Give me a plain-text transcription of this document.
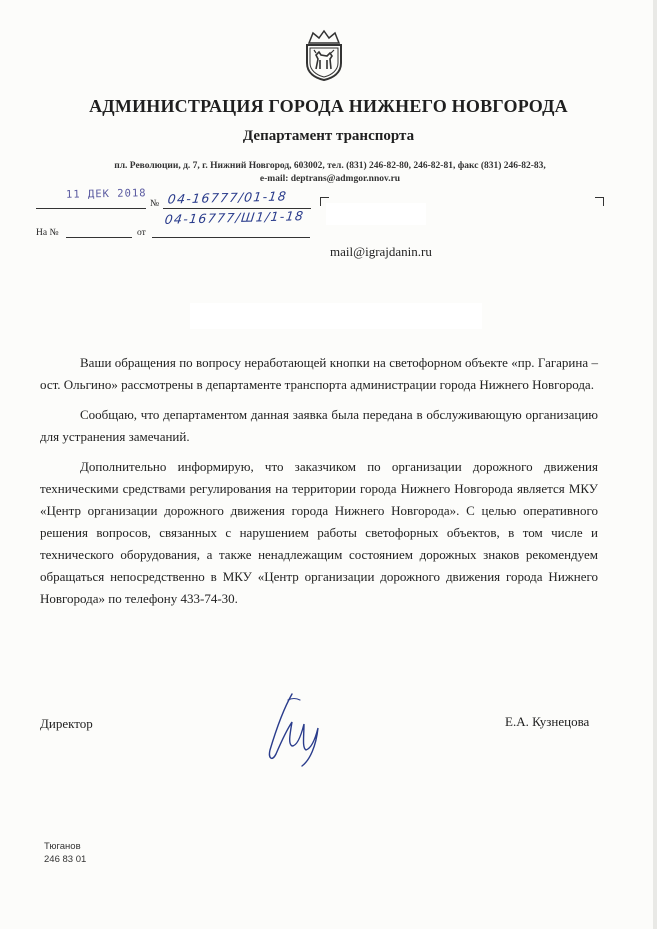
АДМИНИСТРАЦИЯ ГОРОДА НИЖНЕГО НОВГОРОДА
Департамент транспорта
пл. Революции, д. 7, г. Нижний Новгород, 603002, тел. (831) 246-82-80, 246-82-81, факс (831) 246-82-83,
e-mail: deptrans@admgor.nnov.ru
11 ДЕК 2018
№ 04-16777/01-18
04-16777/Ш1/1-18
На №	от
mail@igrajdanin.ru

Ваши обращения по вопросу неработающей кнопки на светофорном объекте «пр. Гагарина – ост. Ольгино» рассмотрены в департаменте транспорта администрации города Нижнего Новгорода.

Сообщаю, что департаментом данная заявка была передана в обслуживающую организацию для устранения замечаний.

Дополнительно информирую, что заказчиком по организации дорожного движения техническими средствами регулирования на территории города Нижнего Новгорода является МКУ «Центр организации дорожного движения города Нижнего Новгорода». С целью оперативного решения вопросов, связанных с нарушением работы светофорных объектов, в том числе и технического оборудования, а также ненадлежащим состоянием дорожных знаков рекомендуем обращаться непосредственно в МКУ «Центр организации дорожного движения города Нижнего Новгорода» по телефону 433-74-30.

Директор	Е.А. Кузнецова
Тюганов
246 83 01
